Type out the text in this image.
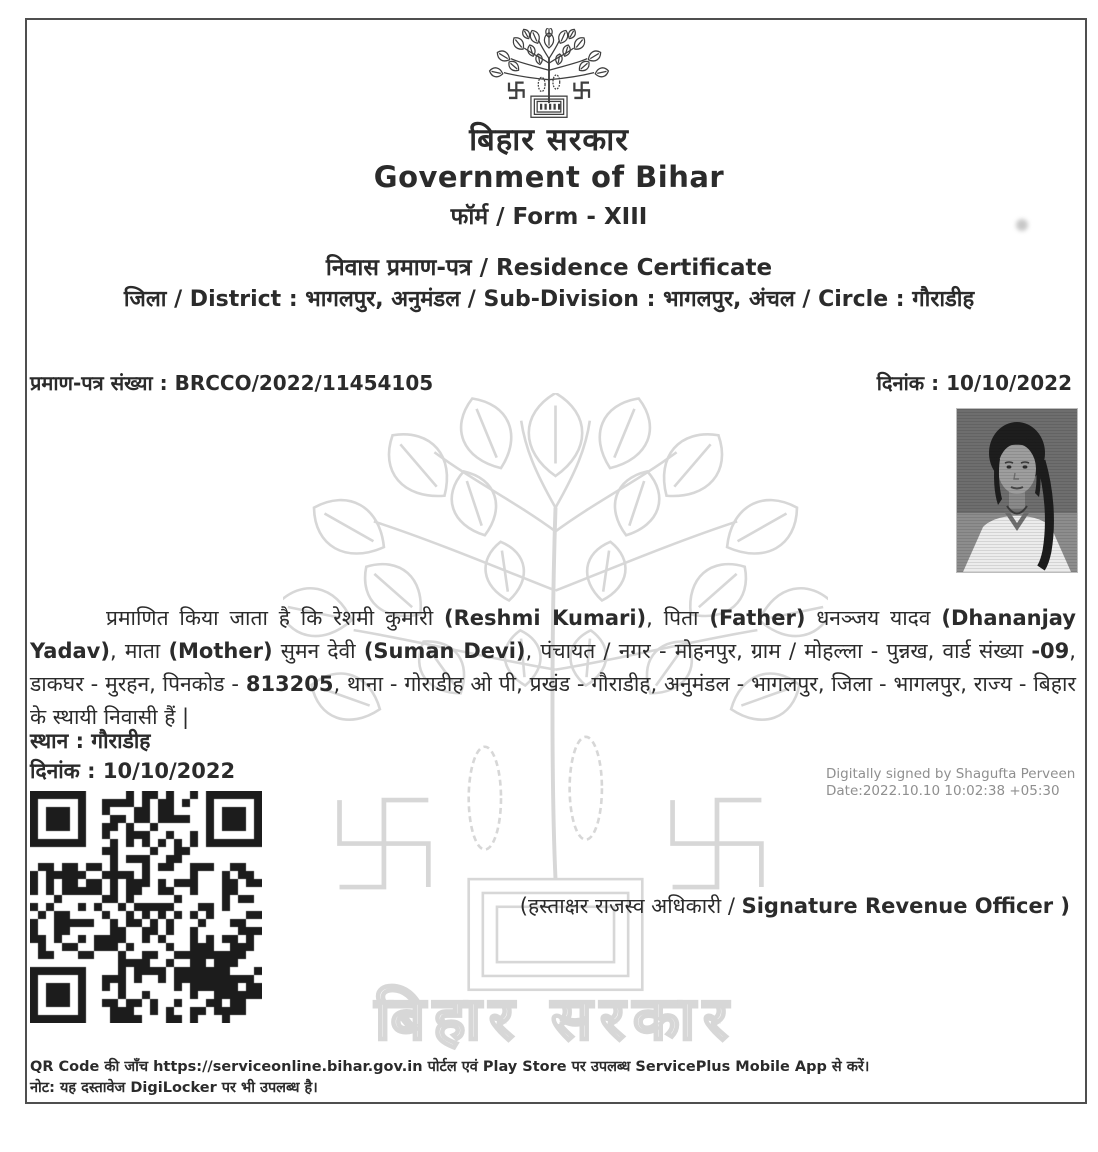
बिहार सरकार
बिहार सरकार
Government of Bihar
फॉर्म / Form - XIII
निवास प्रमाण-पत्र / Residence Certificate
जिला / District : भागलपुर, अनुमंडल / Sub-Division : भागलपुर, अंचल / Circle : गौराडीह
प्रमाण-पत्र संख्या : BRCCO/2022/11454105	दिनांक : 10/10/2022
प्रमाणित किया जाता है कि रेशमी कुमारी (Reshmi Kumari), पिता (Father) धनञ्जय यादव (Dhananjay Yadav), माता (Mother) सुमन देवी (Suman Devi), पंचायत / नगर - मोहनपुर, ग्राम / मोहल्ला - पुन्नख, वार्ड संख्या -09, डाकघर - मुरहन, पिनकोड - 813205, थाना - गोराडीह ओ पी, प्रखंड - गौराडीह, अनुमंडल - भागलपुर, जिला - भागलपुर, राज्य - बिहार के स्थायी निवासी हैं |
स्थान : गौराडीह
दिनांक : 10/10/2022	Digitally signed by Shagufta Perveen
Date:2022.10.10 10:02:38 +05:30
(हस्ताक्षर राजस्व अधिकारी / Signature Revenue Officer )
QR Code की जाँच https://serviceonline.bihar.gov.in पोर्टल एवं Play Store पर उपलब्ध ServicePlus Mobile App से करें।
नोट: यह दस्तावेज DigiLocker पर भी उपलब्ध है।
